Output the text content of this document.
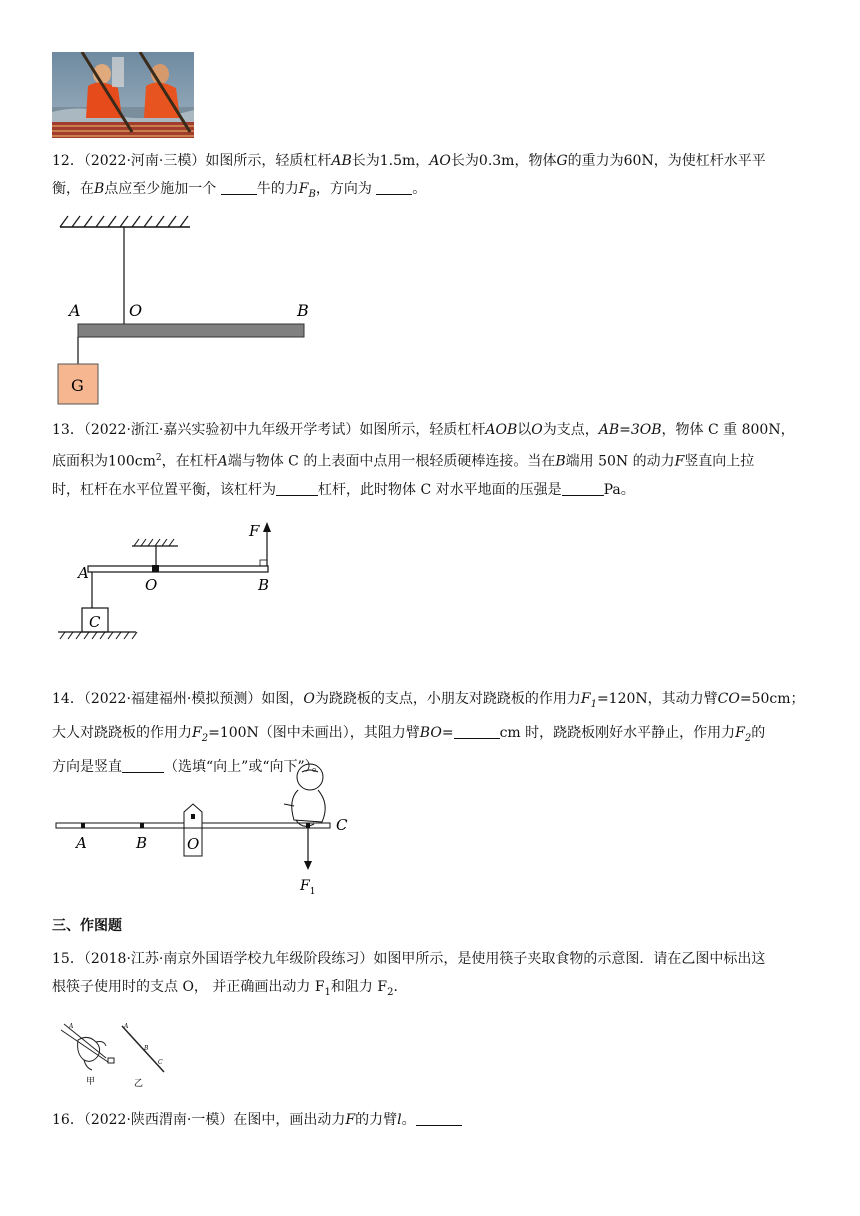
12．（2022·河南·三模）如图所示，轻质杠杆AB长为1.5m，AO长为0.3m，物体G的重力为60N，为使杠杆水平平

衡，在B点应至少施加一个	牛的力$F_B$，方向为	。

A	O	B
G

13．（2022·浙江·嘉兴实验初中九年级开学考试）如图所示，轻质杠杆AOB以O为支点，AB=3OB，物体 C 重 800N，

底面积为$100cm^2$，在杠杆A端与物体 C 的上表面中点用一根轻质硬棒连接。当在B端用 50N 的动力F竖直向上拉

时，杠杆在水平位置平衡，该杠杆为	杠杆，此时物体 C 对水平地面的压强是	Pa。

F
A
O	B
C

14．（2022·福建福州·模拟预测）如图，O为跷跷板的支点，小朋友对跷跷板的作用力$F_1=120N$，其动力臂CO=50cm；

大人对跷跷板的作用力$F_2=100N$（图中未画出），其阻力臂BO=	cm 时，跷跷板刚好水平静止，作用力$F_2$的

方向是竖直	（选填“向上”或“向下”）。

A	B	O
C
$F_1$
三、作图题

15．（2018·江苏·南京外国语学校九年级阶段练习）如图甲所示，是使用筷子夹取食物的示意图．请在乙图中标出这

根筷子使用时的支点 O， 并正确画出动力 $F_1$和阻力 $F_2$．

A	A
B
C
甲	乙

16．（2022·陕西渭南·一模）在图中，画出动力F的力臂l。
